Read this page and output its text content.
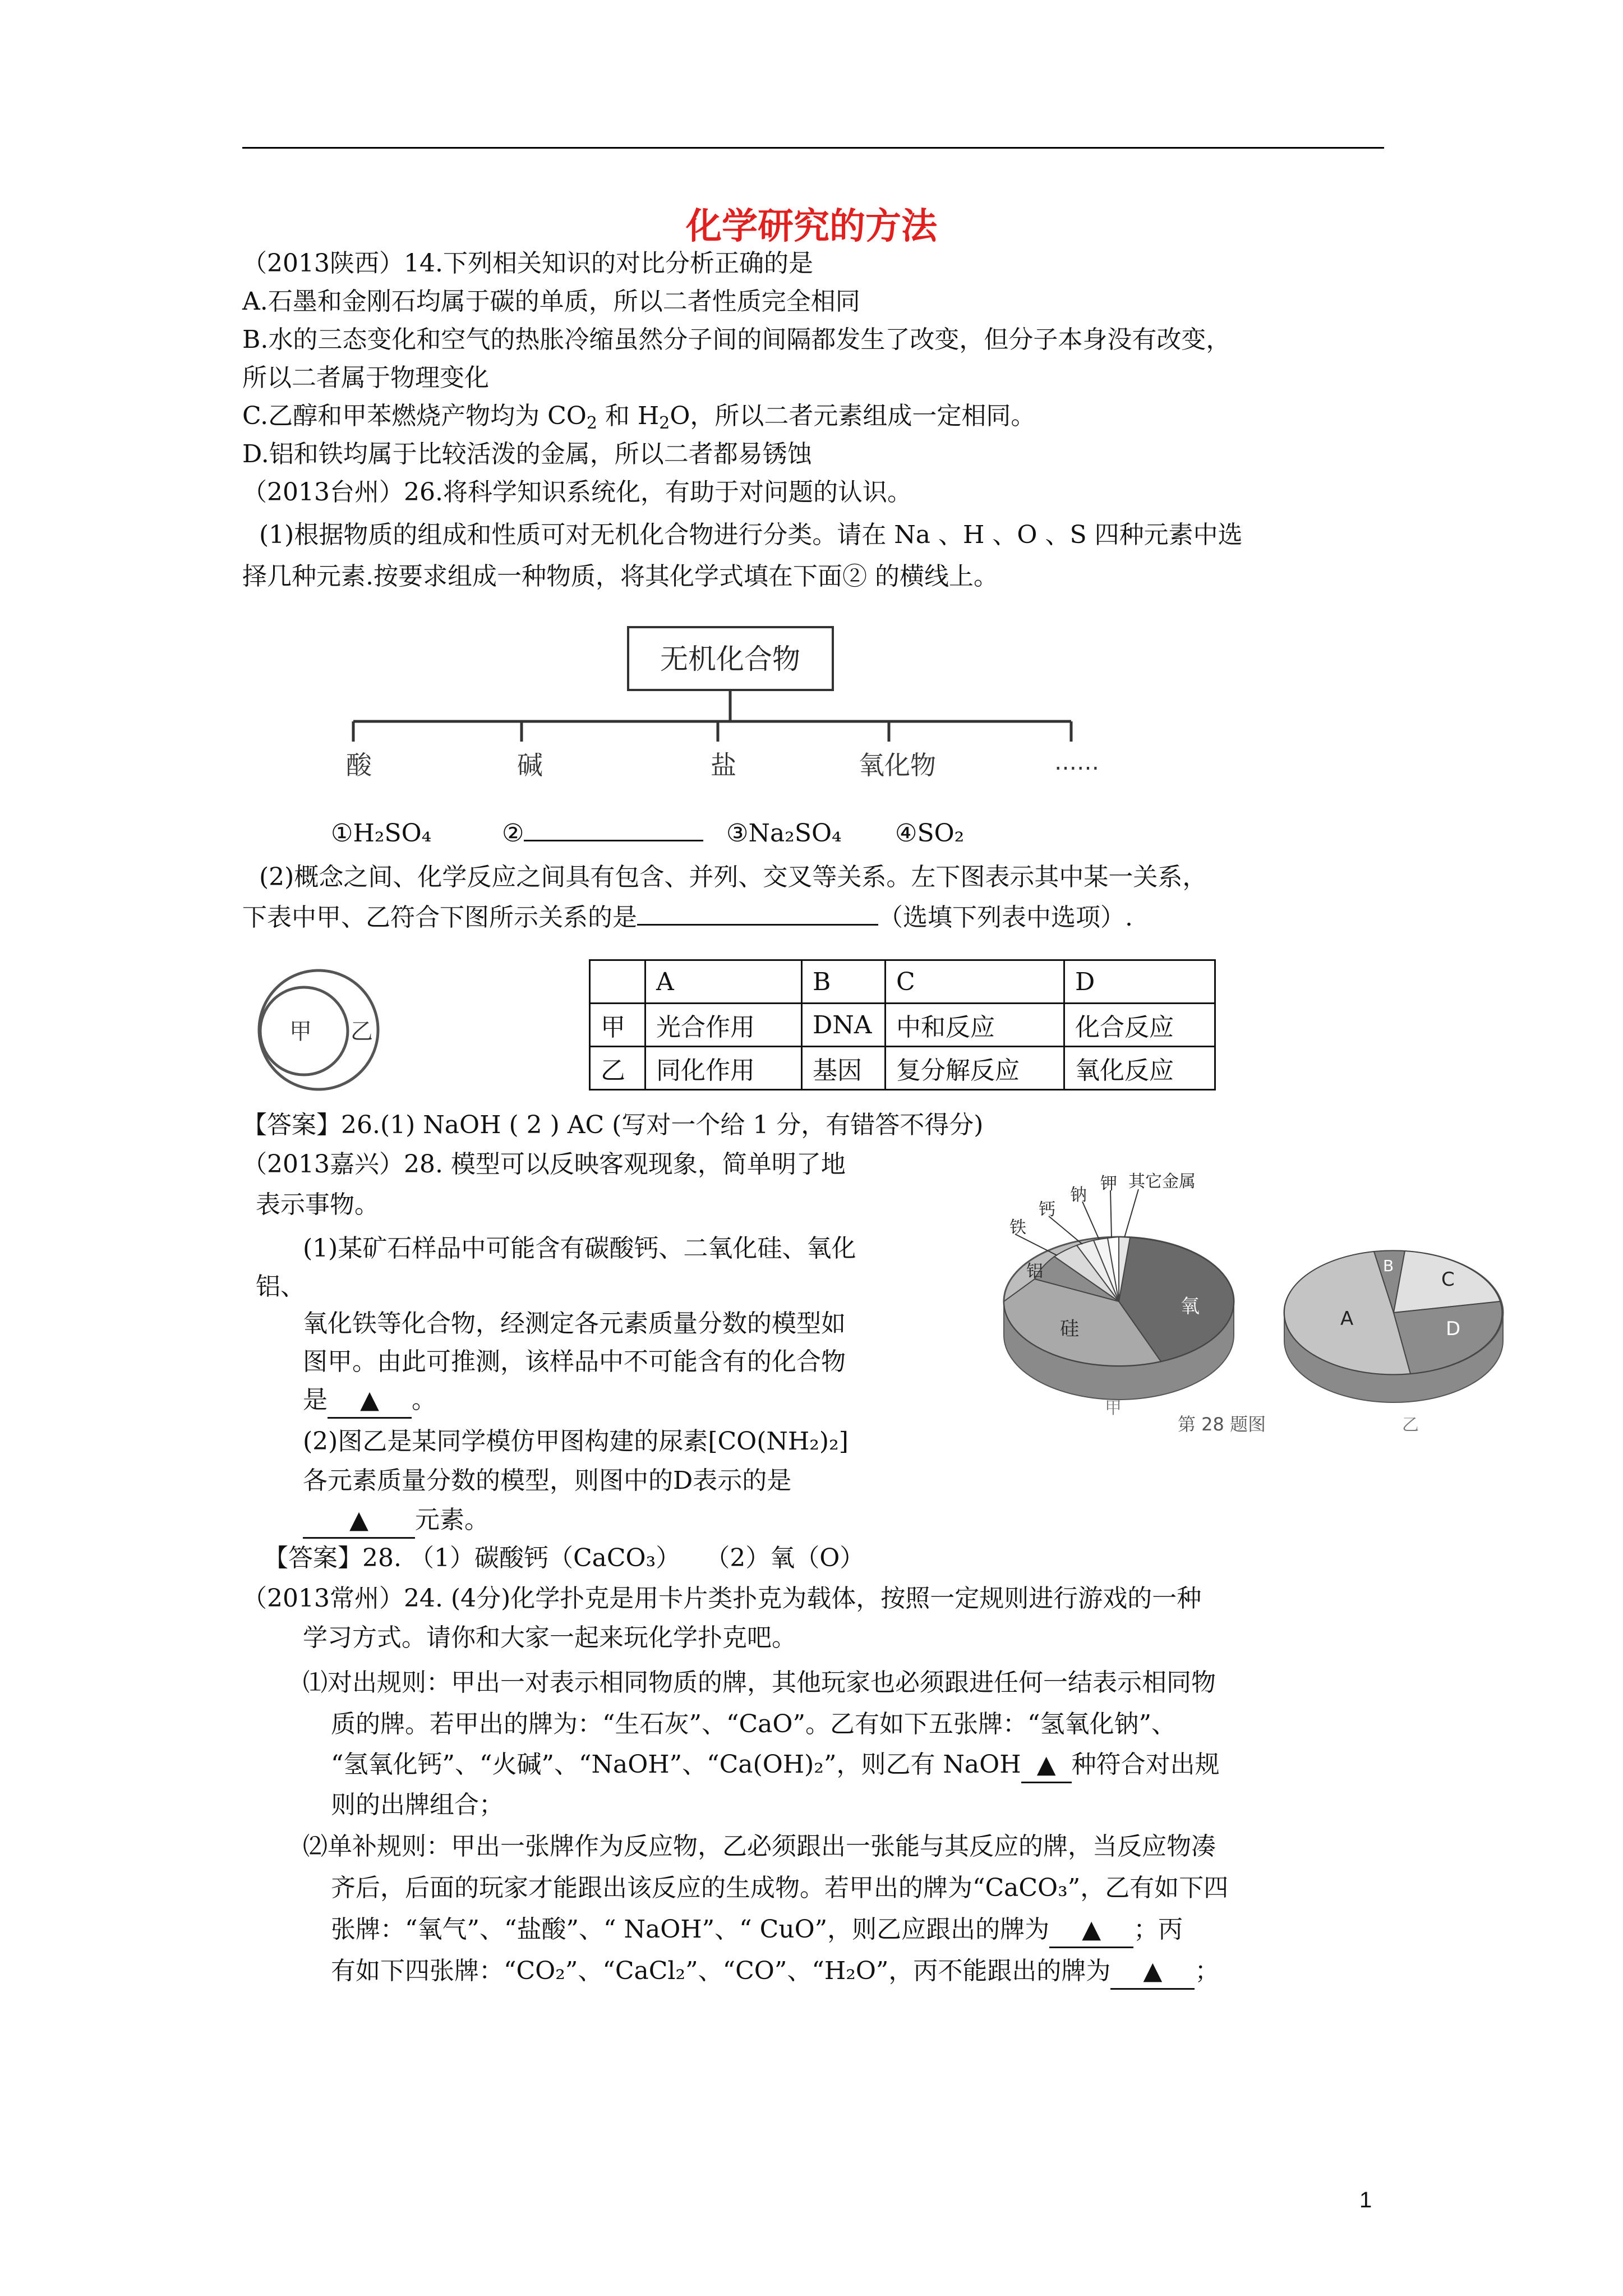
化学研究的方法
（2013陕西）14.下列相关知识的对比分析正确的是
A.石墨和金刚石均属于碳的单质，所以二者性质完全相同
B.水的三态变化和空气的热胀冷缩虽然分子间的间隔都发生了改变，但分子本身没有改变，
所以二者属于物理变化
C.乙醇和甲苯燃烧产物均为 $CO_2$ 和 $H_2O$，所以二者元素组成一定相同。
D.铝和铁均属于比较活泼的金属，所以二者都易锈蚀
（2013台州）26.将科学知识系统化，有助于对问题的认识。
(1)根据物质的组成和性质可对无机化合物进行分类。请在 Na 、H 、O 、S 四种元素中选
择几种元素.按要求组成一种物质，将其化学式填在下面② 的横线上。
无机化合物
酸	碱	盐	氧化物	……
①H₂SO₄	②	③Na₂SO₄ ④SO₂
(2)概念之间、化学反应之间具有包含、并列、交叉等关系。左下图表示其中某一关系，
下表中甲、乙符合下图所示关系的是	（选填下列表中选项）.
甲 乙
	A	B	C	D
甲	光合作用	DNA	中和反应	化合反应
乙	同化作用	基因	复分解反应	氧化反应
【答案】26.(1) NaOH ( 2 ) AC (写对一个给 1 分，有错答不得分)
（2013嘉兴）28. 模型可以反映客观现象，简单明了地
表示事物。
(1)某矿石样品中可能含有碳酸钙、二氧化硅、氧化
铝、
氧化铁等化合物，经测定各元素质量分数的模型如
图甲。由此可推测，该样品中不可能含有的化合物
是 ▲ 。
(2)图乙是某同学模仿甲图构建的尿素[CO(NH₂)₂]
各元素质量分数的模型，则图中的D表示的是
▲ 元素。
【答案】28. （1）碳酸钙（CaCO₃）　　（2）氧（O）
铁
钙
钠
钾 其它金属
铝
硅
氧
A
B
C
D
甲
第 28 题图	乙
（2013常州）24. (4分)化学扑克是用卡片类扑克为载体，按照一定规则进行游戏的一种
学习方式。请你和大家一起来玩化学扑克吧。
⑴对出规则：甲出一对表示相同物质的牌，其他玩家也必须跟进任何一结表示相同物
质的牌。若甲出的牌为：“生石灰”、“CaO”。乙有如下五张牌：“氢氧化钠”、
“氢氧化钙”、“火碱”、“NaOH”、“Ca(OH)₂”，则乙有 NaOH ▲ 种符合对出规
则的出牌组合；
⑵单补规则：甲出一张牌作为反应物，乙必须跟出一张能与其反应的牌，当反应物凑
齐后，后面的玩家才能跟出该反应的生成物。若甲出的牌为“CaCO₃”，乙有如下四
张牌：“氧气”、“盐酸”、“ NaOH”、“ CuO”，则乙应跟出的牌为 ▲ ；丙
有如下四张牌：“CO₂”、“CaCl₂”、“CO”、“H₂O”，丙不能跟出的牌为 ▲ ；
1
